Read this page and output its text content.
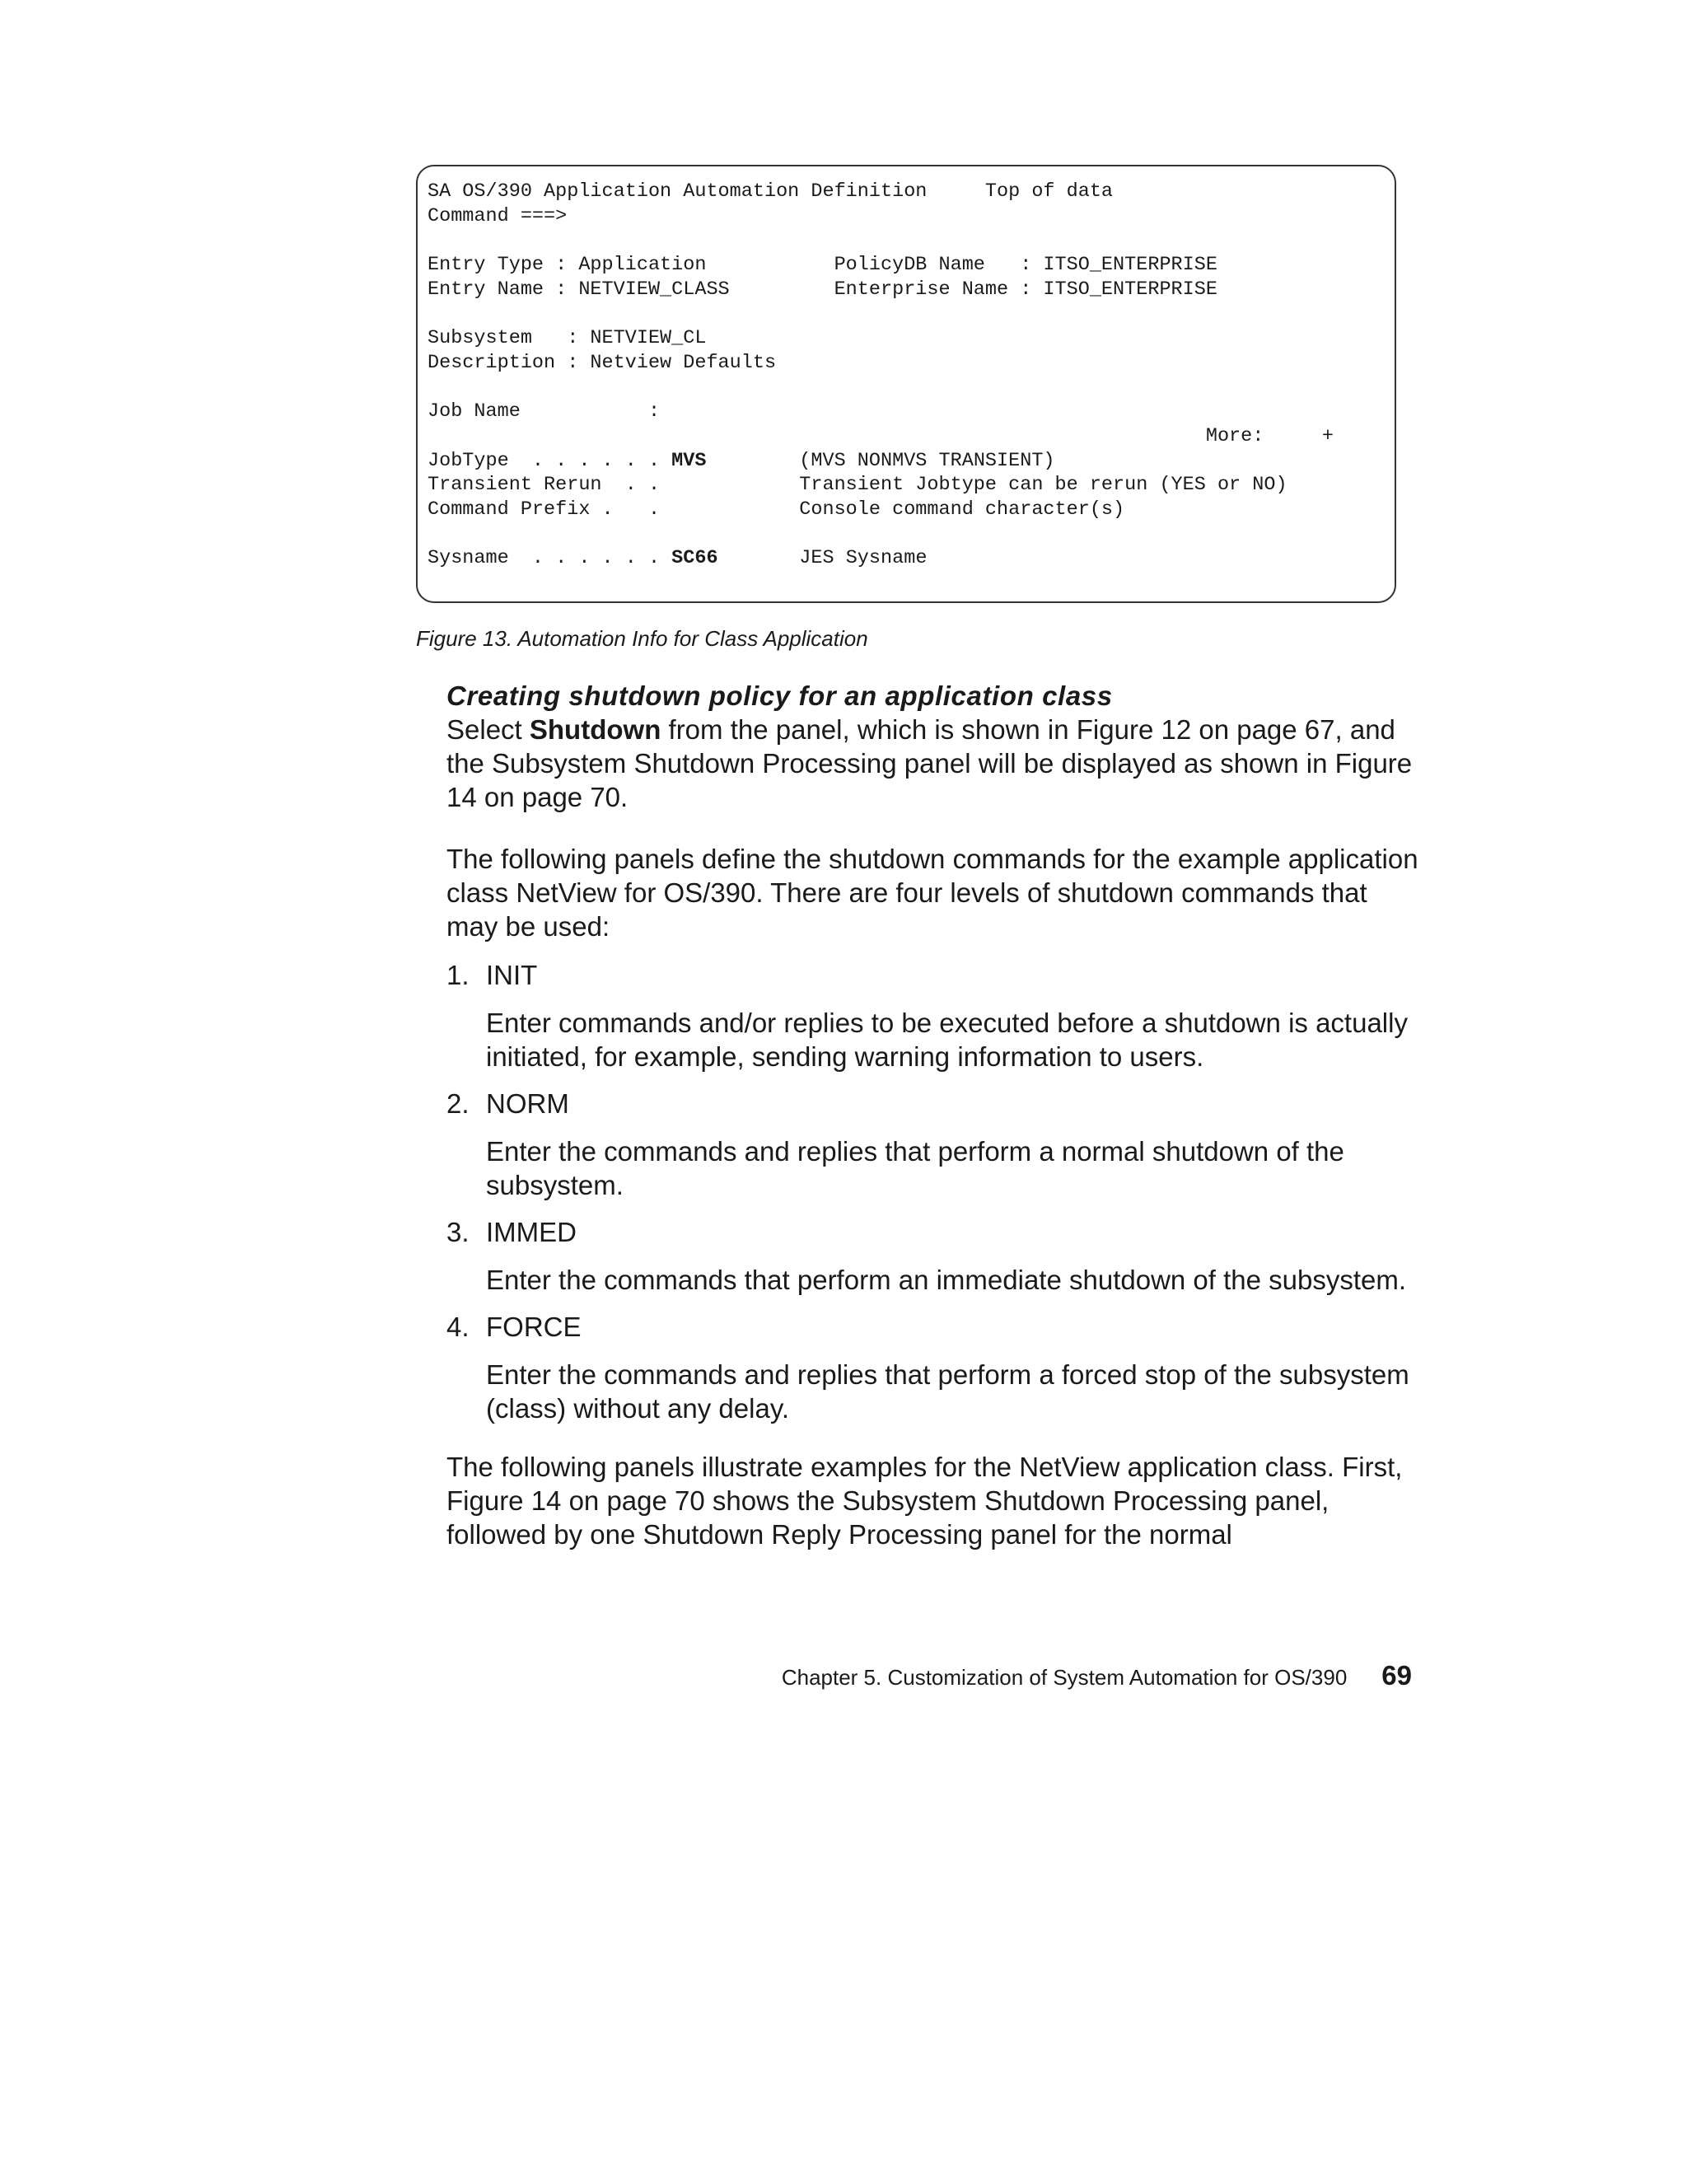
SA OS/390 Application Automation Definition     Top of data
Command ===>
Entry Type : Application           PolicyDB Name   : ITSO_ENTERPRISE
Entry Name : NETVIEW_CLASS         Enterprise Name : ITSO_ENTERPRISE
Subsystem   : NETVIEW_CL
Description : Netview Defaults
Job Name           :
More:     +
JobType  . . . . . . MVS        (MVS NONMVS TRANSIENT)
Transient Rerun  . .            Transient Jobtype can be rerun (YES or NO)
Command Prefix .   .            Console command character(s)
Sysname  . . . . . . SC66       JES Sysname

Figure 13. Automation Info for Class Application

Creating shutdown policy for an application class

Select Shutdown from the panel, which is shown in Figure 12 on page 67, and the Subsystem Shutdown Processing panel will be displayed as shown in Figure 14 on page 70.

The following panels define the shutdown commands for the example application class NetView for OS/390. There are four levels of shutdown commands that may be used:

1. INIT

Enter commands and/or replies to be executed before a shutdown is actually initiated, for example, sending warning information to users.

2. NORM

Enter the commands and replies that perform a normal shutdown of the subsystem.

3. IMMED

Enter the commands that perform an immediate shutdown of the subsystem.

4. FORCE

Enter the commands and replies that perform a forced stop of the subsystem (class) without any delay.

The following panels illustrate examples for the NetView application class. First, Figure 14 on page 70 shows the Subsystem Shutdown Processing panel, followed by one Shutdown Reply Processing panel for the normal

Chapter 5. Customization of System Automation for OS/390 69
